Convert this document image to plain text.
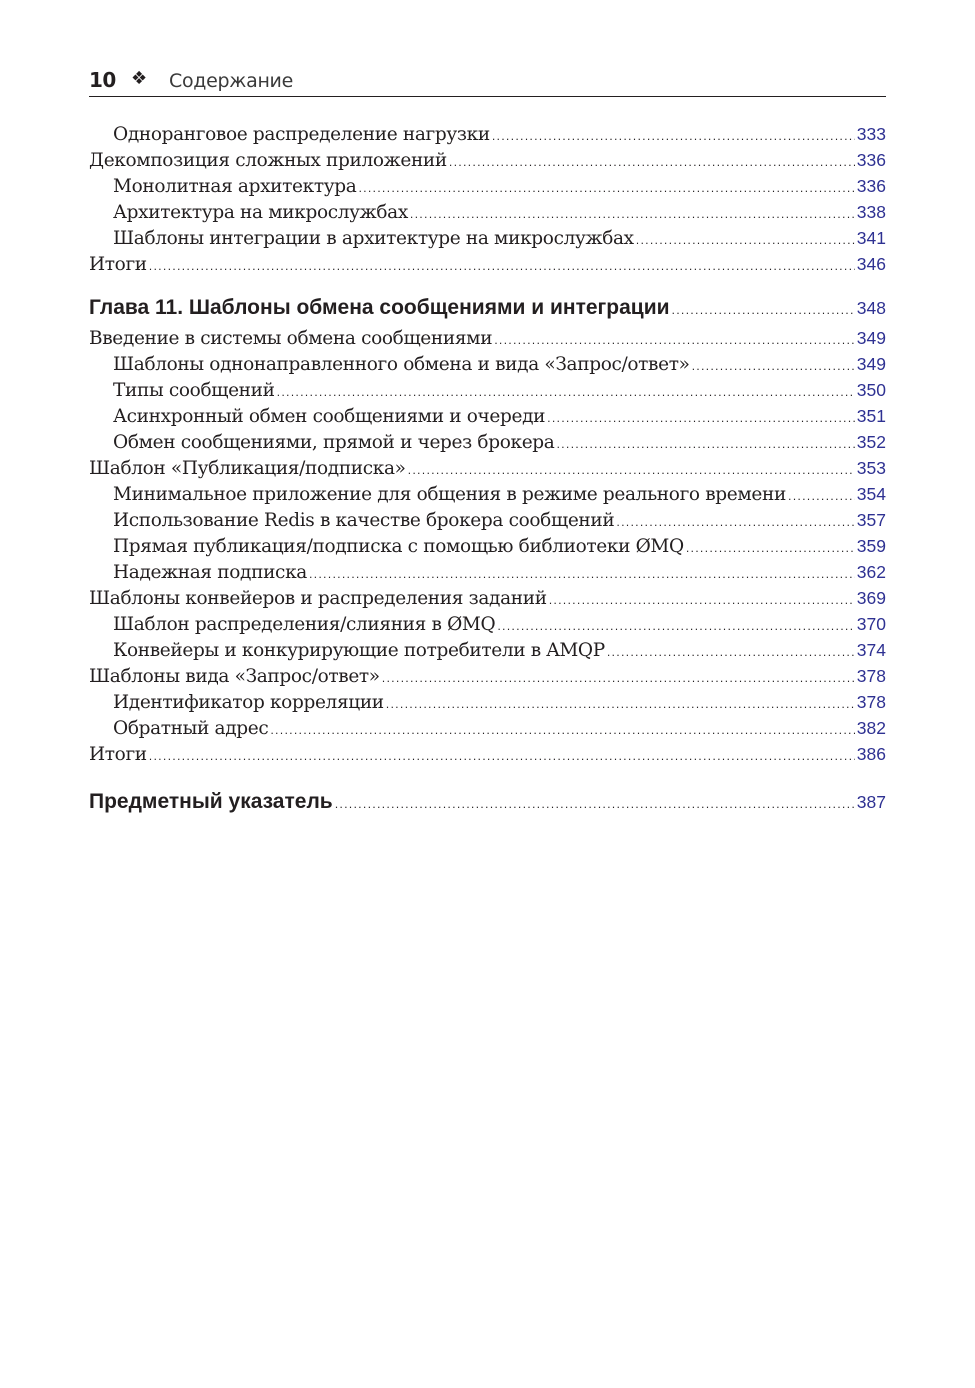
10 ❖ Содержание
Одноранговое распределение нагрузки .....	333
Декомпозиция сложных приложений .....	336
Монолитная архитектура .....	336
Архитектура на микрослужбах .....	338
Шаблоны интеграции в архитектуре на микрослужбах .....	341
Итоги .....	346
Глава 11. Шаблоны обмена сообщениями и интеграции .....	348
Введение в системы обмена сообщениями .....	349
Шаблоны однонаправленного обмена и вида «Запрос/ответ» .....	349
Типы сообщений .....	350
Асинхронный обмен сообщениями и очереди .....	351
Обмен сообщениями, прямой и через брокера .....	352
Шаблон «Публикация/подписка» .....	353
Минимальное приложение для общения в режиме реального времени .....	354
Использование Redis в качестве брокера сообщений .....	357
Прямая публикация/подписка с помощью библиотеки ØMQ .....	359
Надежная подписка .....	362
Шаблоны конвейеров и распределения заданий .....	369
Шаблон распределения/слияния в ØMQ .....	370
Конвейеры и конкурирующие потребители в AMQP .....	374
Шаблоны вида «Запрос/ответ» .....	378
Идентификатор корреляции .....	378
Обратный адрес .....	382
Итоги .....	386
Предметный указатель .....	387
